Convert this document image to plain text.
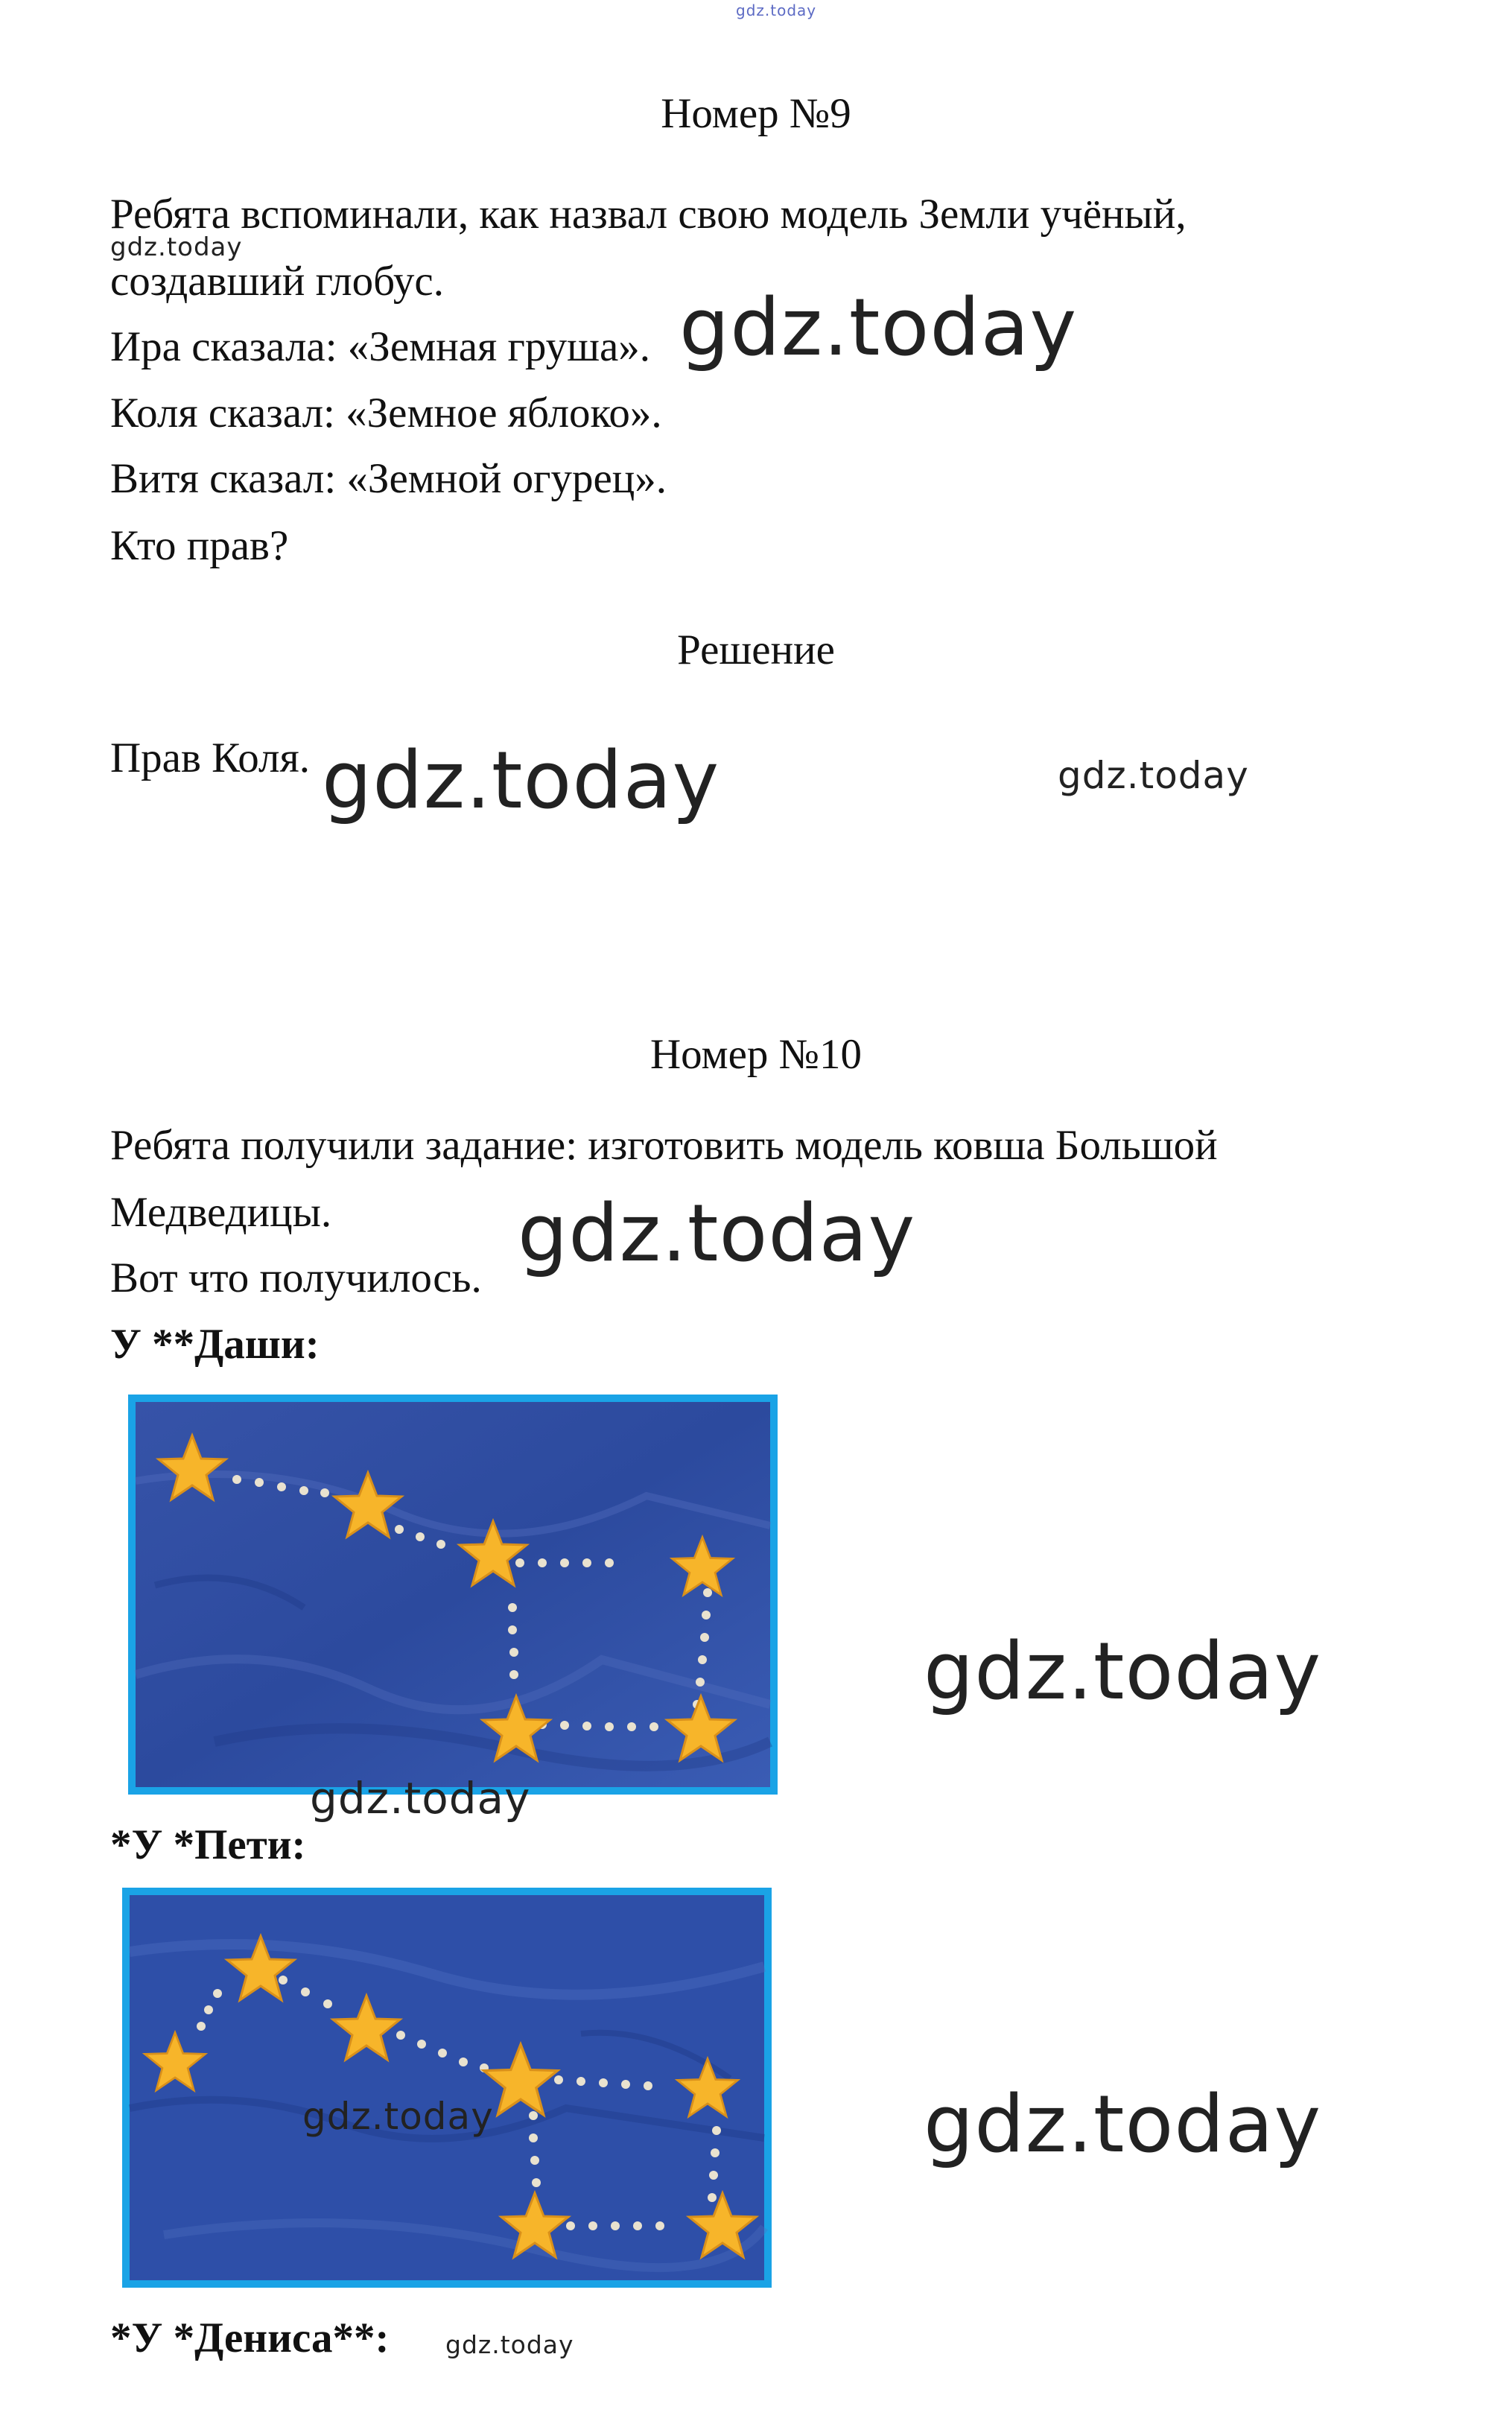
gdz.today
Номер №9
Ребята вспоминали, как назвал свою модель Земли учёный,
создавший глобус.
gdz.today
Ира сказала: «Земная груша». gdz.today
Коля сказал: «Земное яблоко».
Витя сказал: «Земной огурец».
Кто прав?
Решение
Прав Коля. gdz.today	gdz.today
Номер №10
Ребята получили задание: изготовить модель ковша Большой
Медведицы. gdz.today
Вот что получилось.
У **Даши:
gdz.today
gdz.today
*У *Пети:
gdz.today	gdz.today
*У *Дениса**: gdz.today
